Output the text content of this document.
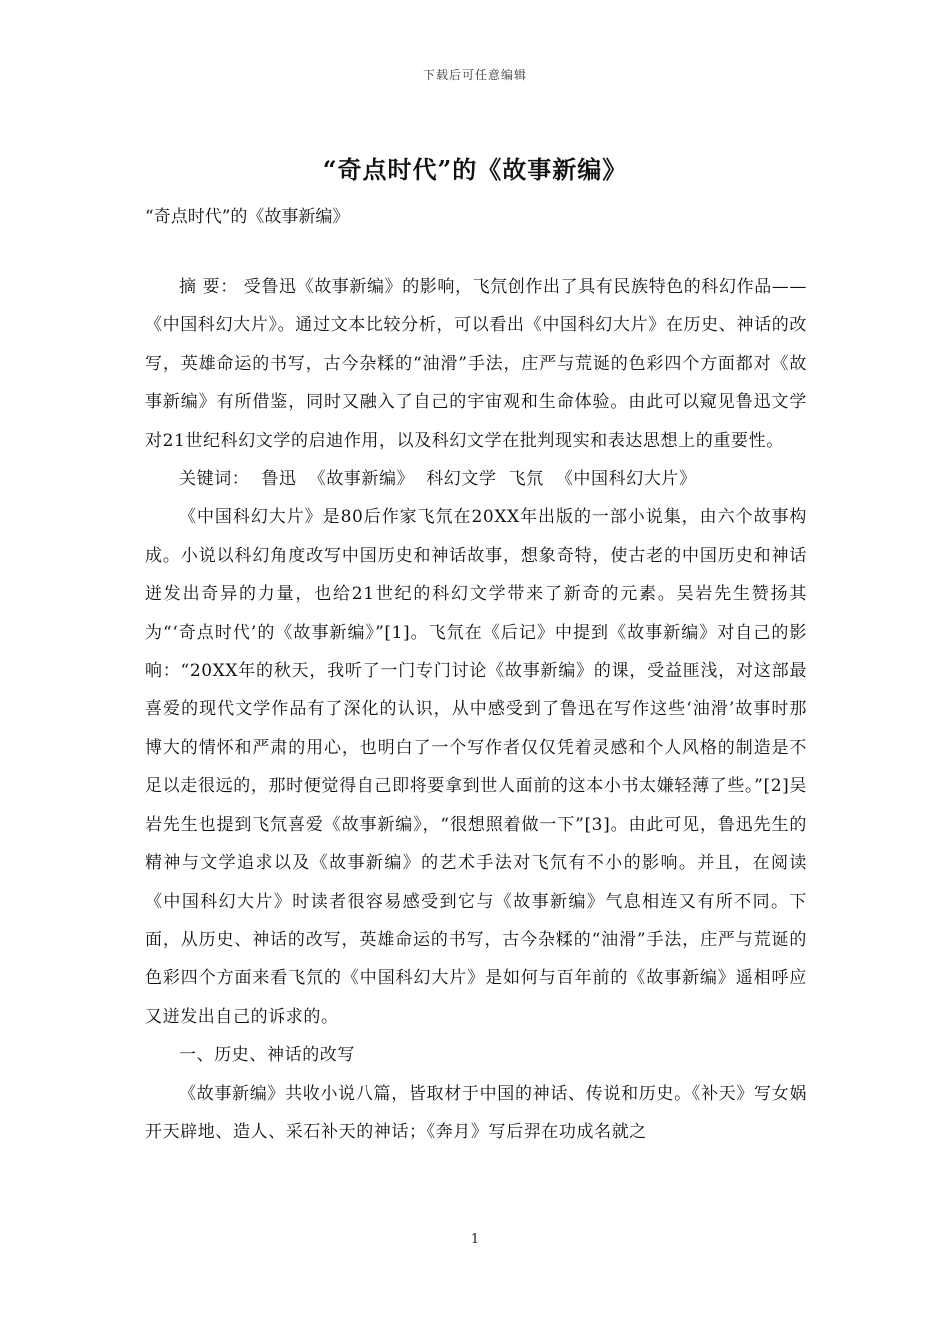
下载后可任意编辑
“奇点时代”的《故事新编》
“奇点时代”的《故事新编》

摘 要： 受鲁迅《故事新编》的影响，飞氘创作出了具有民族特色的科幻作品——《中国科幻大片》。通过文本比较分析，可以看出《中国科幻大片》在历史、神话的改写，英雄命运的书写，古今杂糅的“油滑”手法，庄严与荒诞的色彩四个方面都对《故事新编》有所借鉴，同时又融入了自己的宇宙观和生命体验。由此可以窥见鲁迅文学对21世纪科幻文学的启迪作用，以及科幻文学在批判现实和表达思想上的重要性。

关键词： 鲁迅 《故事新编》 科幻文学 飞氘 《中国科幻大片》

《中国科幻大片》是80后作家飞氘在20XX年出版的一部小说集，由六个故事构成。小说以科幻角度改写中国历史和神话故事，想象奇特，使古老的中国历史和神话迸发出奇异的力量，也给21世纪的科幻文学带来了新奇的元素。吴岩先生赞扬其为“‘奇点时代’的《故事新编》”[1]。飞氘在《后记》中提到《故事新编》对自己的影响：“20XX年的秋天，我听了一门专门讨论《故事新编》的课，受益匪浅，对这部最喜爱的现代文学作品有了深化的认识，从中感受到了鲁迅在写作这些‘油滑’故事时那博大的情怀和严肃的用心，也明白了一个写作者仅仅凭着灵感和个人风格的制造是不足以走很远的，那时便觉得自己即将要拿到世人面前的这本小书太嫌轻薄了些。”[2]吴岩先生也提到飞氘喜爱《故事新编》，“很想照着做一下”[3]。由此可见，鲁迅先生的精神与文学追求以及《故事新编》的艺术手法对飞氘有不小的影响。并且，在阅读《中国科幻大片》时读者很容易感受到它与《故事新编》气息相连又有所不同。下面，从历史、神话的改写，英雄命运的书写，古今杂糅的“油滑”手法，庄严与荒诞的色彩四个方面来看飞氘的《中国科幻大片》是如何与百年前的《故事新编》遥相呼应又迸发出自己的诉求的。

一、历史、神话的改写

《故事新编》共收小说八篇，皆取材于中国的神话、传说和历史。《补天》写女娲开天辟地、造人、采石补天的神话；《奔月》写后羿在功成名就之

1
